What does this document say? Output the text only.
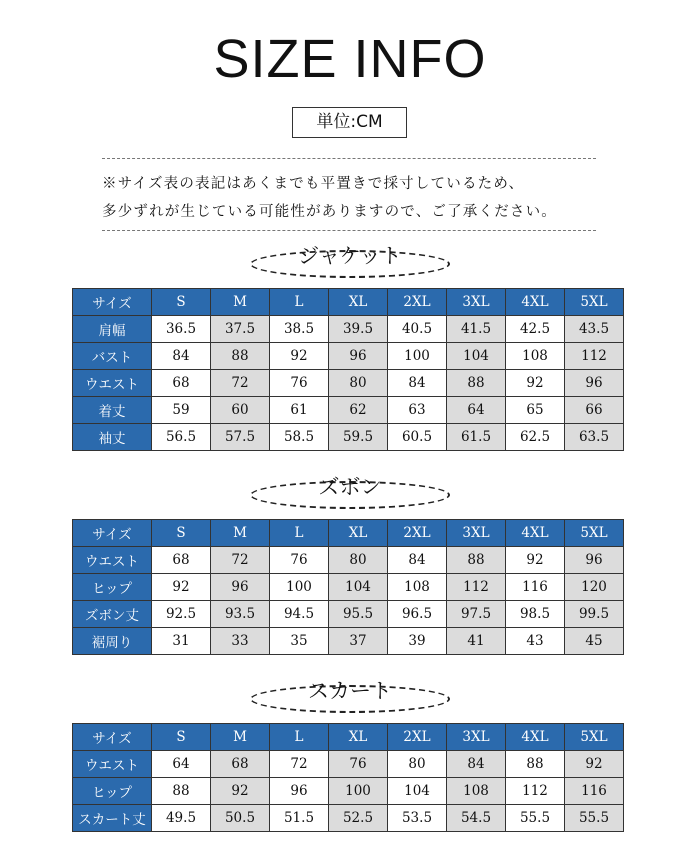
SIZE INFO
単位:CM
※サイズ表の表記はあくまでも平置きで採寸しているため、
多少ずれが生じている可能性がありますので、ご了承ください。
ジャケット
サイズ	S	M	L	XL	2XL	3XL	4XL	5XL
肩幅	36.5	37.5	38.5	39.5	40.5	41.5	42.5	43.5
バスト	84	88	92	96	100	104	108	112
ウエスト	68	72	76	80	84	88	92	96
着丈	59	60	61	62	63	64	65	66
袖丈	56.5	57.5	58.5	59.5	60.5	61.5	62.5	63.5
ズボン
サイズ	S	M	L	XL	2XL	3XL	4XL	5XL
ウエスト	68	72	76	80	84	88	92	96
ヒップ	92	96	100	104	108	112	116	120
ズボン丈	92.5	93.5	94.5	95.5	96.5	97.5	98.5	99.5
裾周り	31	33	35	37	39	41	43	45
スカート
サイズ	S	M	L	XL	2XL	3XL	4XL	5XL
ウエスト	64	68	72	76	80	84	88	92
ヒップ	88	92	96	100	104	108	112	116
スカート丈	49.5	50.5	51.5	52.5	53.5	54.5	55.5	55.5
